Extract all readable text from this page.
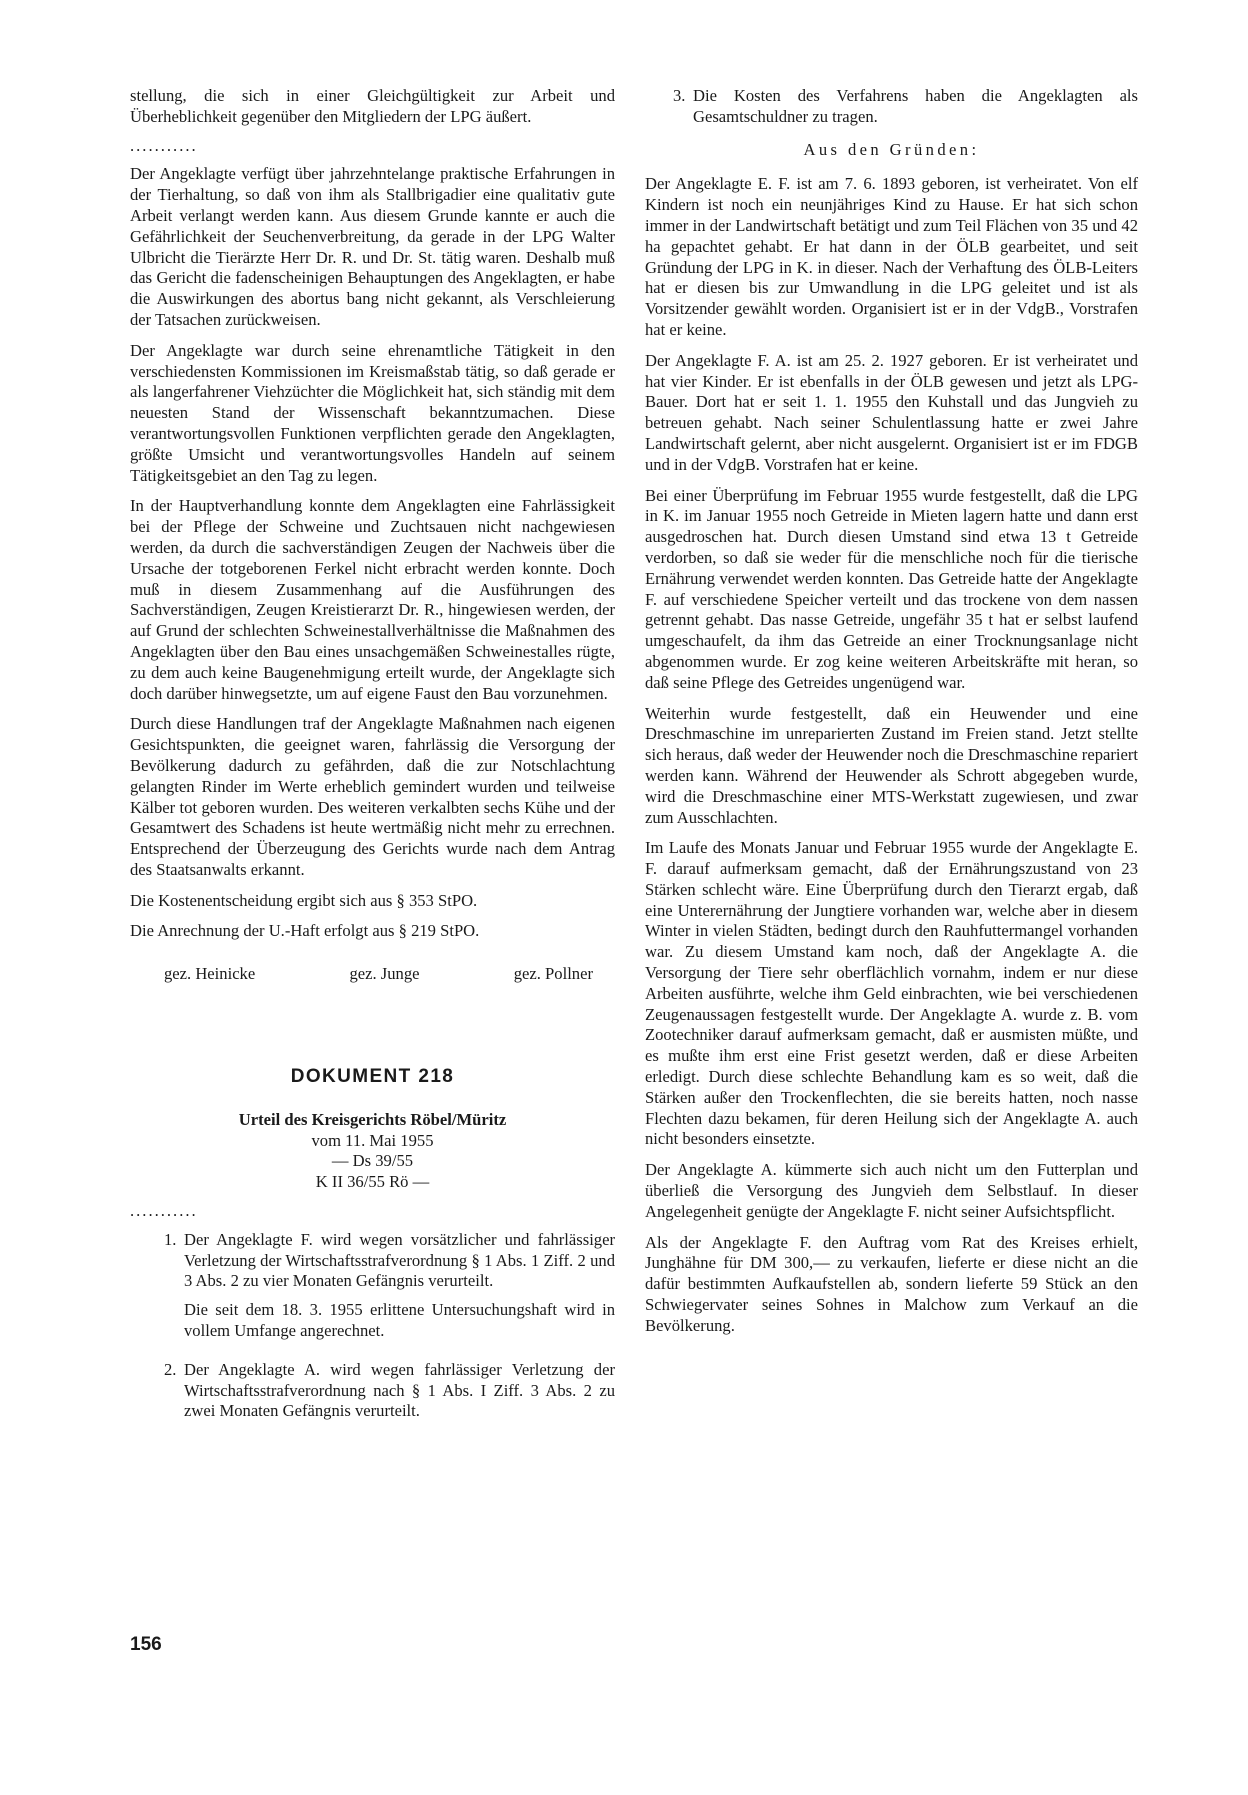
stellung, die sich in einer Gleichgültigkeit zur Arbeit und Überheblichkeit gegenüber den Mitgliedern der LPG äußert.

...........

Der Angeklagte verfügt über jahrzehntelange praktische Erfahrungen in der Tierhaltung, so daß von ihm als Stallbrigadier eine qualitativ gute Arbeit verlangt werden kann. Aus diesem Grunde kannte er auch die Gefährlichkeit der Seuchenverbreitung, da gerade in der LPG Walter Ulbricht die Tierärzte Herr Dr. R. und Dr. St. tätig waren. Deshalb muß das Gericht die fadenscheinigen Behauptungen des Angeklagten, er habe die Auswirkungen des abortus bang nicht gekannt, als Verschleierung der Tatsachen zurückweisen.

Der Angeklagte war durch seine ehrenamtliche Tätigkeit in den verschiedensten Kommissionen im Kreismaßstab tätig, so daß gerade er als langerfahrener Viehzüchter die Möglichkeit hat, sich ständig mit dem neuesten Stand der Wissenschaft bekanntzumachen. Diese verantwortungsvollen Funktionen verpflichten gerade den Angeklagten, größte Umsicht und verantwortungsvolles Handeln auf seinem Tätigkeitsgebiet an den Tag zu legen.

In der Hauptverhandlung konnte dem Angeklagten eine Fahrlässigkeit bei der Pflege der Schweine und Zuchtsauen nicht nachgewiesen werden, da durch die sachverständigen Zeugen der Nachweis über die Ursache der totgeborenen Ferkel nicht erbracht werden konnte. Doch muß in diesem Zusammenhang auf die Ausführungen des Sachverständigen, Zeugen Kreistierarzt Dr. R., hingewiesen werden, der auf Grund der schlechten Schweinestallverhältnisse die Maßnahmen des Angeklagten über den Bau eines unsachgemäßen Schweinestalles rügte, zu dem auch keine Baugenehmigung erteilt wurde, der Angeklagte sich doch darüber hinwegsetzte, um auf eigene Faust den Bau vorzunehmen.

Durch diese Handlungen traf der Angeklagte Maßnahmen nach eigenen Gesichtspunkten, die geeignet waren, fahrlässig die Versorgung der Bevölkerung dadurch zu gefährden, daß die zur Notschlachtung gelangten Rinder im Werte erheblich gemindert wurden und teilweise Kälber tot geboren wurden. Des weiteren verkalbten sechs Kühe und der Gesamtwert des Schadens ist heute wertmäßig nicht mehr zu errechnen. Entsprechend der Überzeugung des Gerichts wurde nach dem Antrag des Staatsanwalts erkannt.

Die Kostenentscheidung ergibt sich aus § 353 StPO.

Die Anrechnung der U.-Haft erfolgt aus § 219 StPO.

gez. Heinicke	gez. Junge	gez. Pollner
DOKUMENT 218
Urteil des Kreisgerichts Röbel/Müritz
vom 11. Mai 1955
— Ds 39/55
K II 36/55 Rö —
...........
1. Der Angeklagte F. wird wegen vorsätzlicher und fahrlässiger Verletzung der Wirtschaftsstrafverordnung § 1 Abs. 1 Ziff. 2 und 3 Abs. 2 zu vier Monaten Gefängnis verurteilt.

Die seit dem 18. 3. 1955 erlittene Untersuchungshaft wird in vollem Umfange angerechnet.

2. Der Angeklagte A. wird wegen fahrlässiger Verletzung der Wirtschaftsstrafverordnung nach § 1 Abs. I Ziff. 3 Abs. 2 zu zwei Monaten Gefängnis verurteilt.

3. Die Kosten des Verfahrens haben die Angeklagten als Gesamtschuldner zu tragen.
Aus den Gründen:

Der Angeklagte E. F. ist am 7. 6. 1893 geboren, ist verheiratet. Von elf Kindern ist noch ein neunjähriges Kind zu Hause. Er hat sich schon immer in der Landwirtschaft betätigt und zum Teil Flächen von 35 und 42 ha gepachtet gehabt. Er hat dann in der ÖLB gearbeitet, und seit Gründung der LPG in K. in dieser. Nach der Verhaftung des ÖLB-Leiters hat er diesen bis zur Umwandlung in die LPG geleitet und ist als Vorsitzender gewählt worden. Organisiert ist er in der VdgB., Vorstrafen hat er keine.

Der Angeklagte F. A. ist am 25. 2. 1927 geboren. Er ist verheiratet und hat vier Kinder. Er ist ebenfalls in der ÖLB gewesen und jetzt als LPG-Bauer. Dort hat er seit 1. 1. 1955 den Kuhstall und das Jungvieh zu betreuen gehabt. Nach seiner Schulentlassung hatte er zwei Jahre Landwirtschaft gelernt, aber nicht ausgelernt. Organisiert ist er im FDGB und in der VdgB. Vorstrafen hat er keine.

Bei einer Überprüfung im Februar 1955 wurde festgestellt, daß die LPG in K. im Januar 1955 noch Getreide in Mieten lagern hatte und dann erst ausgedroschen hat. Durch diesen Umstand sind etwa 13 t Getreide verdorben, so daß sie weder für die menschliche noch für die tierische Ernährung verwendet werden konnten. Das Getreide hatte der Angeklagte F. auf verschiedene Speicher verteilt und das trockene von dem nassen getrennt gehabt. Das nasse Getreide, ungefähr 35 t hat er selbst laufend umgeschaufelt, da ihm das Getreide an einer Trocknungsanlage nicht abgenommen wurde. Er zog keine weiteren Arbeitskräfte mit heran, so daß seine Pflege des Getreides ungenügend war.

Weiterhin wurde festgestellt, daß ein Heuwender und eine Dreschmaschine im unreparierten Zustand im Freien stand. Jetzt stellte sich heraus, daß weder der Heuwender noch die Dreschmaschine repariert werden kann. Während der Heuwender als Schrott abgegeben wurde, wird die Dreschmaschine einer MTS-Werkstatt zugewiesen, und zwar zum Ausschlachten.

Im Laufe des Monats Januar und Februar 1955 wurde der Angeklagte E. F. darauf aufmerksam gemacht, daß der Ernährungszustand von 23 Stärken schlecht wäre. Eine Überprüfung durch den Tierarzt ergab, daß eine Unterernährung der Jungtiere vorhanden war, welche aber in diesem Winter in vielen Städten, bedingt durch den Rauhfuttermangel vorhanden war. Zu diesem Umstand kam noch, daß der Angeklagte A. die Versorgung der Tiere sehr oberflächlich vornahm, indem er nur diese Arbeiten ausführte, welche ihm Geld einbrachten, wie bei verschiedenen Zeugenaussagen festgestellt wurde. Der Angeklagte A. wurde z. B. vom Zootechniker darauf aufmerksam gemacht, daß er ausmisten müßte, und es mußte ihm erst eine Frist gesetzt werden, daß er diese Arbeiten erledigt. Durch diese schlechte Behandlung kam es so weit, daß die Stärken außer den Trockenflechten, die sie bereits hatten, noch nasse Flechten dazu bekamen, für deren Heilung sich der Angeklagte A. auch nicht besonders einsetzte.

Der Angeklagte A. kümmerte sich auch nicht um den Futterplan und überließ die Versorgung des Jungvieh dem Selbstlauf. In dieser Angelegenheit genügte der Angeklagte F. nicht seiner Aufsichtspflicht.

Als der Angeklagte F. den Auftrag vom Rat des Kreises erhielt, Junghähne für DM 300,— zu verkaufen, lieferte er diese nicht an die dafür bestimmten Aufkaufstellen ab, sondern lieferte 59 Stück an den Schwiegervater seines Sohnes in Malchow zum Verkauf an die Bevölkerung.

156
